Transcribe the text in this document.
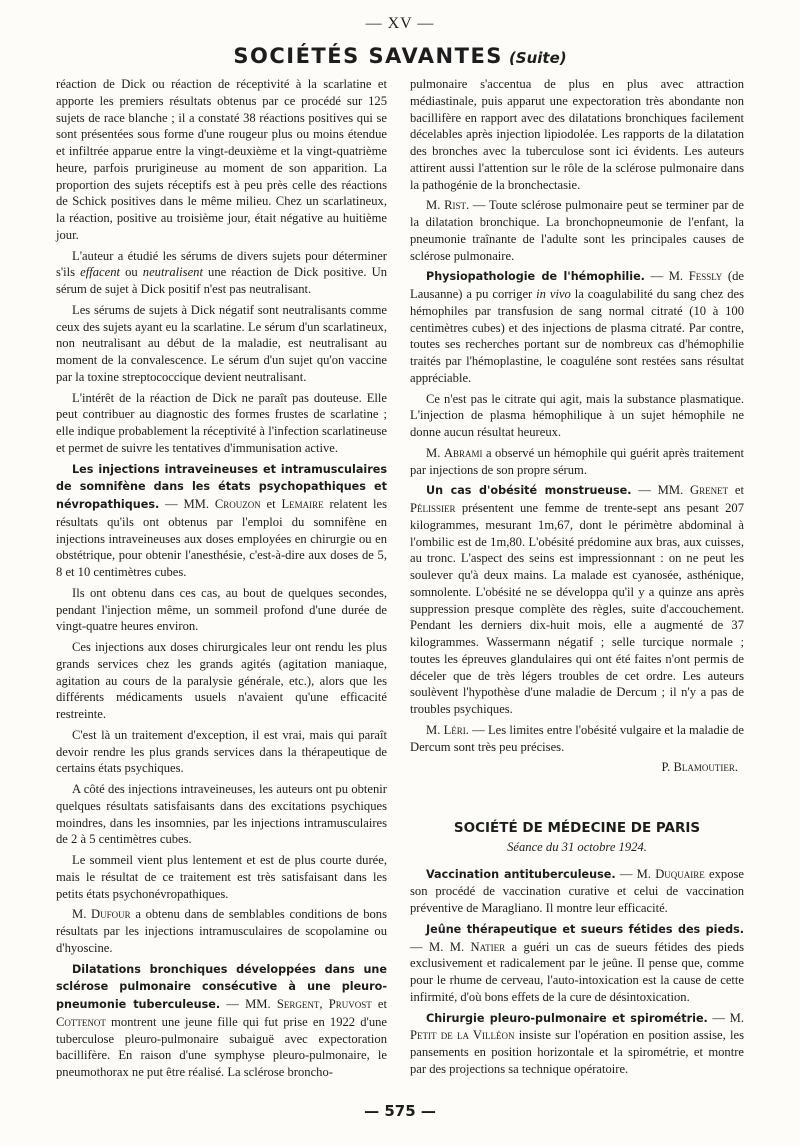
— XV —
SOCIÉTÉS SAVANTES (Suite)

réaction de Dick ou réaction de réceptivité à la scarlatine et apporte les premiers résultats obtenus par ce procédé sur 125 sujets de race blanche ; il a constaté 38 réactions positives qui se sont présentées sous forme d'une rougeur plus ou moins étendue et infiltrée apparue entre la vingt-deuxième et la vingt-quatrième heure, parfois prurigineuse au moment de son apparition. La proportion des sujets réceptifs est à peu près celle des réactions de Schick positives dans le même milieu. Chez un scarlatineux, la réaction, positive au troisième jour, était négative au huitième jour.

L'auteur a étudié les sérums de divers sujets pour déterminer s'ils effacent ou neutralisent une réaction de Dick positive. Un sérum de sujet à Dick positif n'est pas neutralisant.

Les sérums de sujets à Dick négatif sont neutralisants comme ceux des sujets ayant eu la scarlatine. Le sérum d'un scarlatineux, non neutralisant au début de la maladie, est neutralisant au moment de la convalescence. Le sérum d'un sujet qu'on vaccine par la toxine streptococcique devient neutralisant.

L'intérêt de la réaction de Dick ne paraît pas douteuse. Elle peut contribuer au diagnostic des formes frustes de scarlatine ; elle indique probablement la réceptivité à l'infection scarlatineuse et permet de suivre les tentatives d'immunisation active.

Les injections intraveineuses et intramusculaires de somnifène dans les états psychopathiques et névropathiques. — MM. Crouzon et Lemaire relatent les résultats qu'ils ont obtenus par l'emploi du somnifène en injections intraveineuses aux doses employées en chirurgie ou en obstétrique, pour obtenir l'anesthésie, c'est-à-dire aux doses de 5, 8 et 10 centimètres cubes.

Ils ont obtenu dans ces cas, au bout de quelques secondes, pendant l'injection même, un sommeil profond d'une durée de vingt-quatre heures environ.

Ces injections aux doses chirurgicales leur ont rendu les plus grands services chez les grands agités (agitation maniaque, agitation au cours de la paralysie générale, etc.), alors que les différents médicaments usuels n'avaient qu'une efficacité restreinte.

C'est là un traitement d'exception, il est vrai, mais qui paraît devoir rendre les plus grands services dans la thérapeutique de certains états psychiques.

A côté des injections intraveineuses, les auteurs ont pu obtenir quelques résultats satisfaisants dans des excitations psychiques moindres, dans les insomnies, par les injections intramusculaires de 2 à 5 centimètres cubes.

Le sommeil vient plus lentement et est de plus courte durée, mais le résultat de ce traitement est très satisfaisant dans les petits états psychonévropathiques.

M. Dufour a obtenu dans de semblables conditions de bons résultats par les injections intramusculaires de scopolamine ou d'hyoscine.

Dilatations bronchiques développées dans une sclérose pulmonaire consécutive à une pleuro-pneumonie tuberculeuse. — MM. Sergent, Pruvost et Cottenot montrent une jeune fille qui fut prise en 1922 d'une tuberculose pleuro-pulmonaire subaiguë avec expectoration bacillifère. En raison d'une symphyse pleuro-pulmonaire, le pneumothorax ne put être réalisé. La sclérose broncho-

pulmonaire s'accentua de plus en plus avec attraction médiastinale, puis apparut une expectoration très abondante non bacillifère en rapport avec des dilatations bronchiques facilement décelables après injection lipiodolée. Les rapports de la dilatation des bronches avec la tuberculose sont ici évidents. Les auteurs attirent aussi l'attention sur le rôle de la sclérose pulmonaire dans la pathogénie de la bronchectasie.

M. Rist. — Toute sclérose pulmonaire peut se terminer par de la dilatation bronchique. La bronchopneumonie de l'enfant, la pneumonie traînante de l'adulte sont les principales causes de sclérose pulmonaire.

Physiopathologie de l'hémophilie. — M. Fessly (de Lausanne) a pu corriger in vivo la coagulabilité du sang chez des hémophiles par transfusion de sang normal citraté (10 à 100 centimètres cubes) et des injections de plasma citraté. Par contre, toutes ses recherches portant sur de nombreux cas d'hémophilie traités par l'hémoplastine, le coaguléne sont restées sans résultat appréciable.

Ce n'est pas le citrate qui agit, mais la substance plasmatique. L'injection de plasma hémophilique à un sujet hémophile ne donne aucun résultat heureux.

M. Abrami a observé un hémophile qui guérit après traitement par injections de son propre sérum.

Un cas d'obésité monstrueuse. — MM. Grenet et Pélissier présentent une femme de trente-sept ans pesant 207 kilogrammes, mesurant 1m,67, dont le périmètre abdominal à l'ombilic est de 1m,80. L'obésité prédomine aux bras, aux cuisses, au tronc. L'aspect des seins est impressionnant : on ne peut les soulever qu'à deux mains. La malade est cyanosée, asthénique, somnolente. L'obésité ne se développa qu'il y a quinze ans après suppression presque complète des règles, suite d'accouchement. Pendant les derniers dix-huit mois, elle a augmenté de 37 kilogrammes. Wassermann négatif ; selle turcique normale ; toutes les épreuves glandulaires qui ont été faites n'ont permis de déceler que de très légers troubles de cet ordre. Les auteurs soulèvent l'hypothèse d'une maladie de Dercum ; il n'y a pas de troubles psychiques.

M. Léri. — Les limites entre l'obésité vulgaire et la maladie de Dercum sont très peu précises.

P. Blamoutier.
SOCIÉTÉ DE MÉDECINE DE PARIS
Séance du 31 octobre 1924.

Vaccination antituberculeuse. — M. Duquaire expose son procédé de vaccination curative et celui de vaccination préventive de Maragliano. Il montre leur efficacité.

Jeûne thérapeutique et sueurs fétides des pieds. — M. M. Natier a guéri un cas de sueurs fétides des pieds exclusivement et radicalement par le jeûne. Il pense que, comme pour le rhume de cerveau, l'auto-intoxication est la cause de cette infirmité, d'où bons effets de la cure de désintoxication.

Chirurgie pleuro-pulmonaire et spirométrie. — M. Petit de la Villéon insiste sur l'opération en position assise, les pansements en position horizontale et la spirométrie, et montre par des projections sa technique opératoire.

— 575 —
